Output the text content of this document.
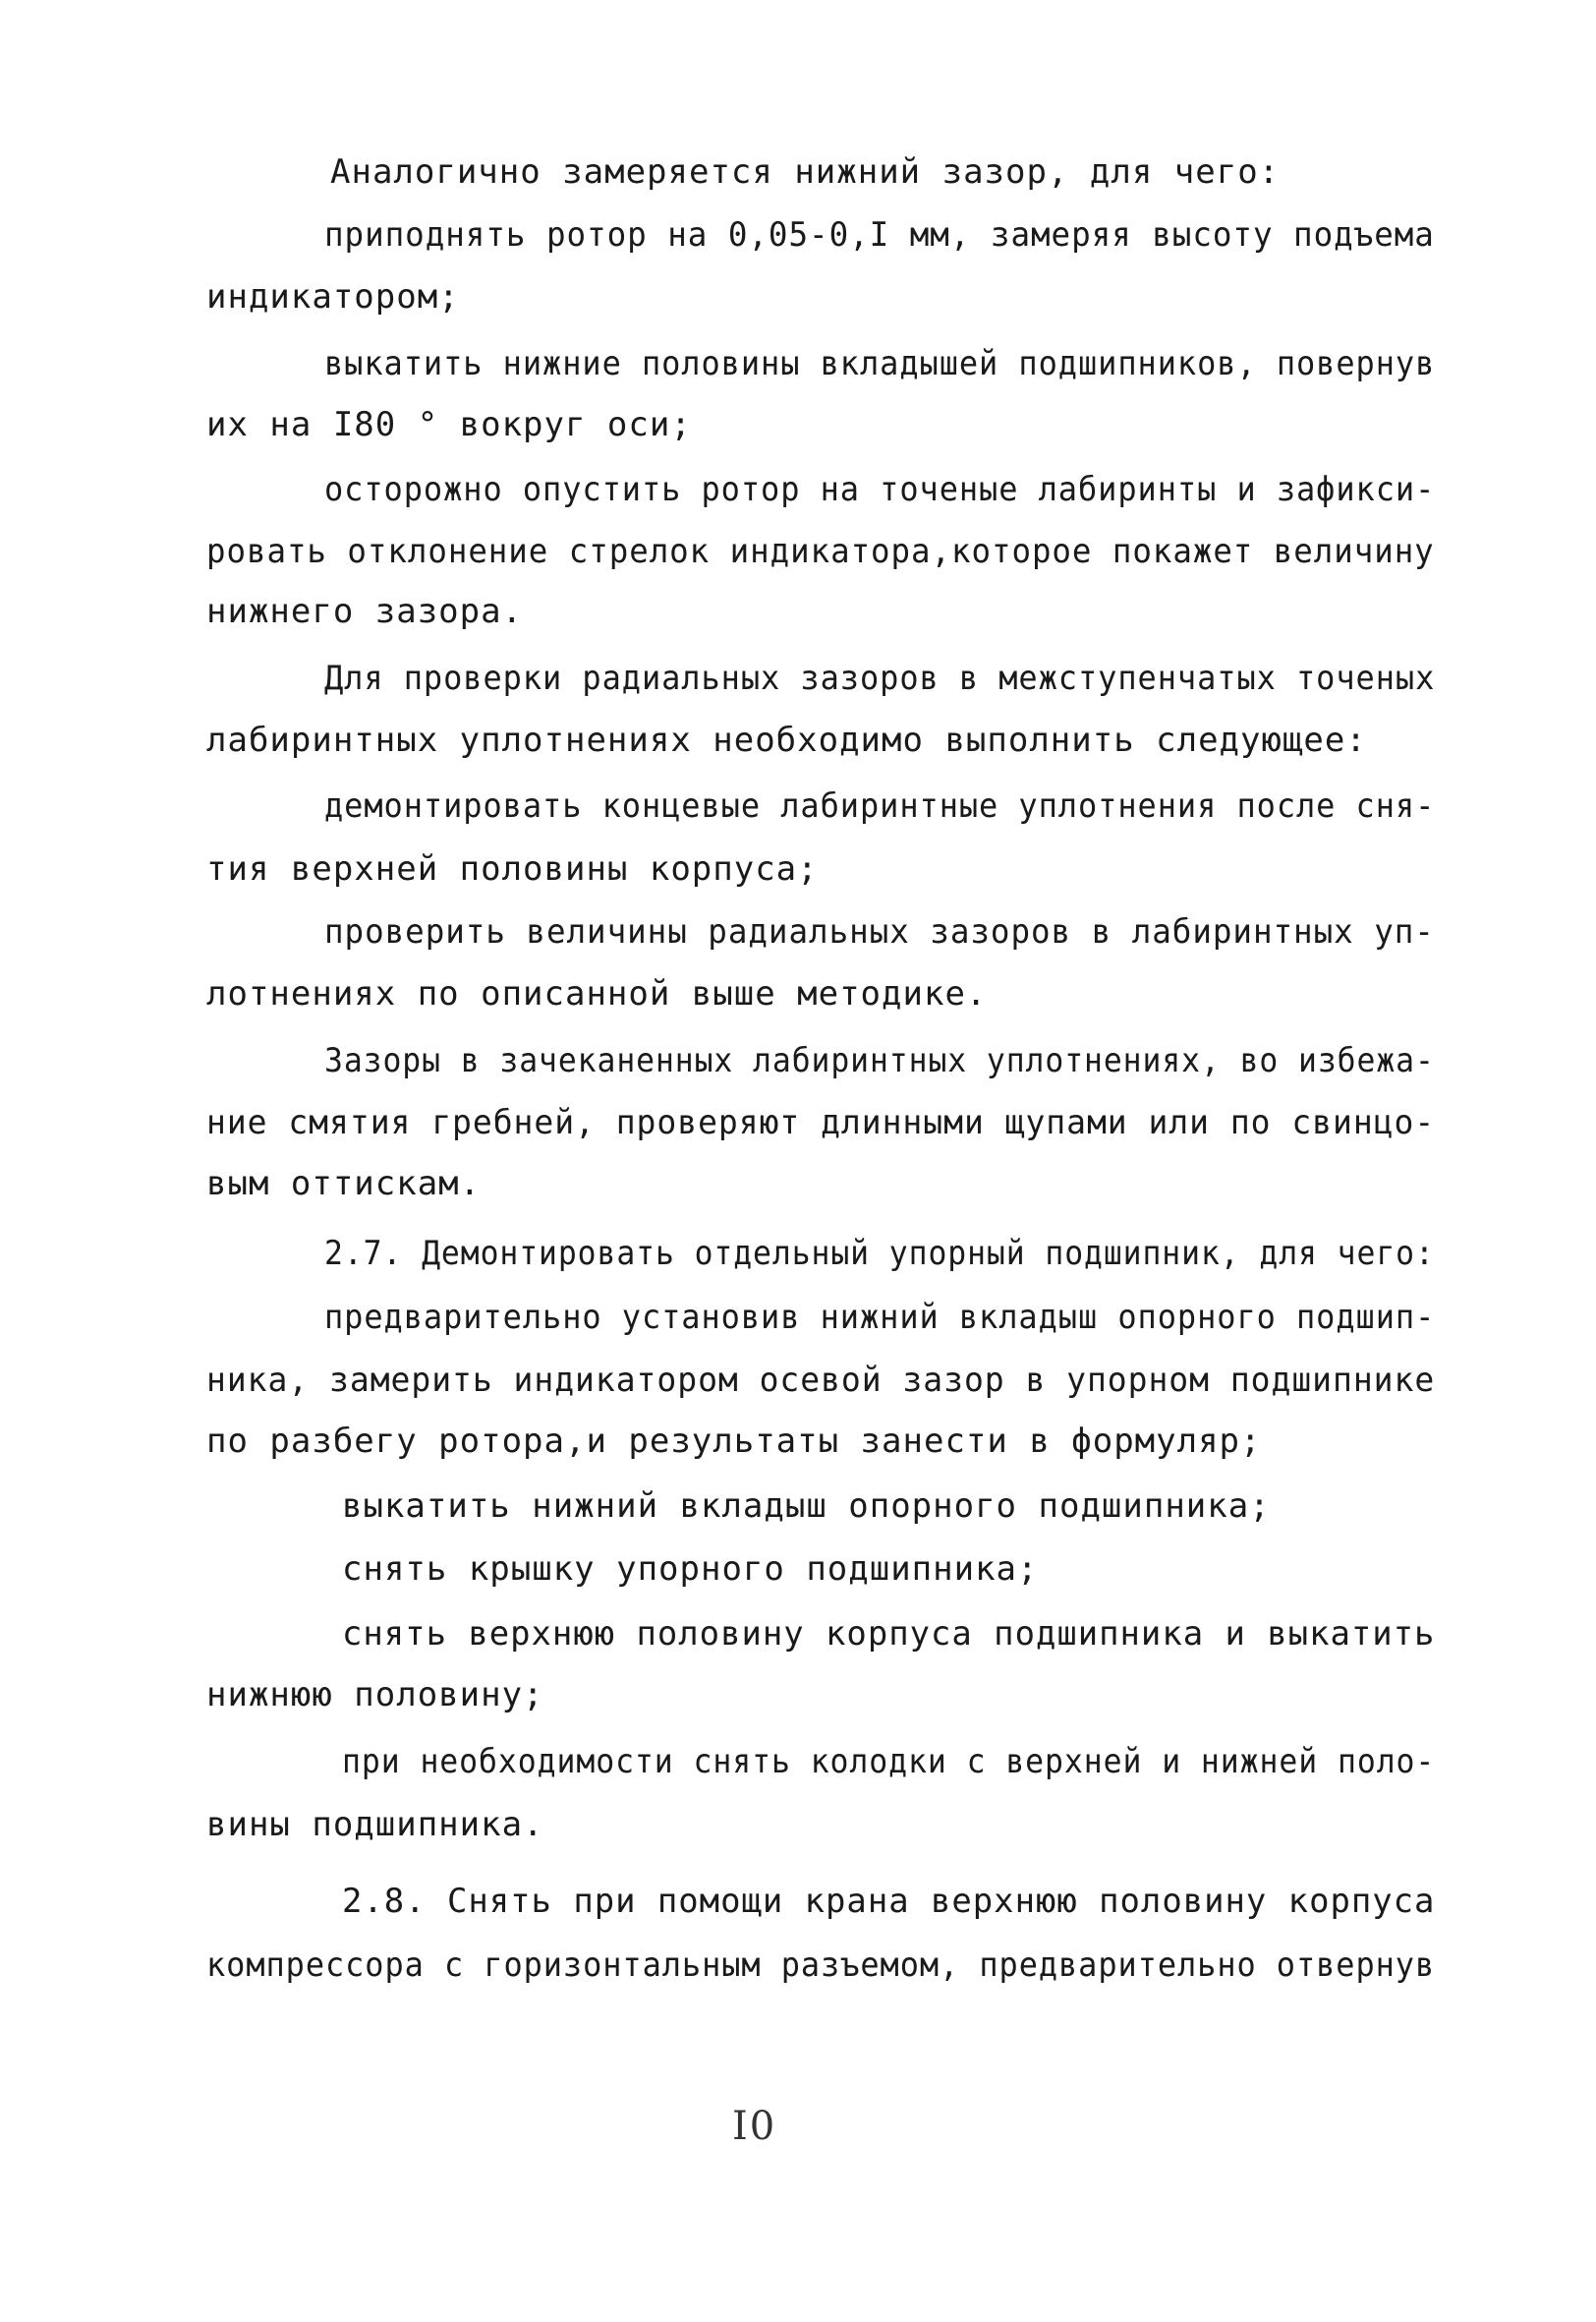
Аналогично замеряется нижний зазор, для чего:
приподнять ротор на 0,05-0,I мм, замеряя высоту подъема
индикатором;
выкатить нижние половины вкладышей подшипников, повернув
их на I80 ° вокруг оси;
осторожно опустить ротор на точеные лабиринты и зафикси-
ровать отклонение стрелок индикатора,которое покажет величину
нижнего зазора.
Для проверки радиальных зазоров в межступенчатых точеных
лабиринтных уплотнениях необходимо выполнить следующее:
демонтировать концевые лабиринтные уплотнения после сня-
тия верхней половины корпуса;
проверить величины радиальных зазоров в лабиринтных уп-
лотнениях по описанной выше методике.
Зазоры в зачеканенных лабиринтных уплотнениях, во избежа-
ние смятия гребней, проверяют длинными щупами или по свинцо-
вым оттискам.
2.7. Демонтировать отдельный упорный подшипник, для чего:
предварительно установив нижний вкладыш опорного подшип-
ника, замерить индикатором осевой зазор в упорном подшипнике
по разбегу ротора,и результаты занести в формуляр;
выкатить нижний вкладыш опорного подшипника;
снять крышку упорного подшипника;
снять верхнюю половину корпуса подшипника и выкатить
нижнюю половину;
при необходимости снять колодки с верхней и нижней поло-
вины подшипника.
2.8. Снять при помощи крана верхнюю половину корпуса
компрессора с горизонтальным разъемом, предварительно отвернув
I0
